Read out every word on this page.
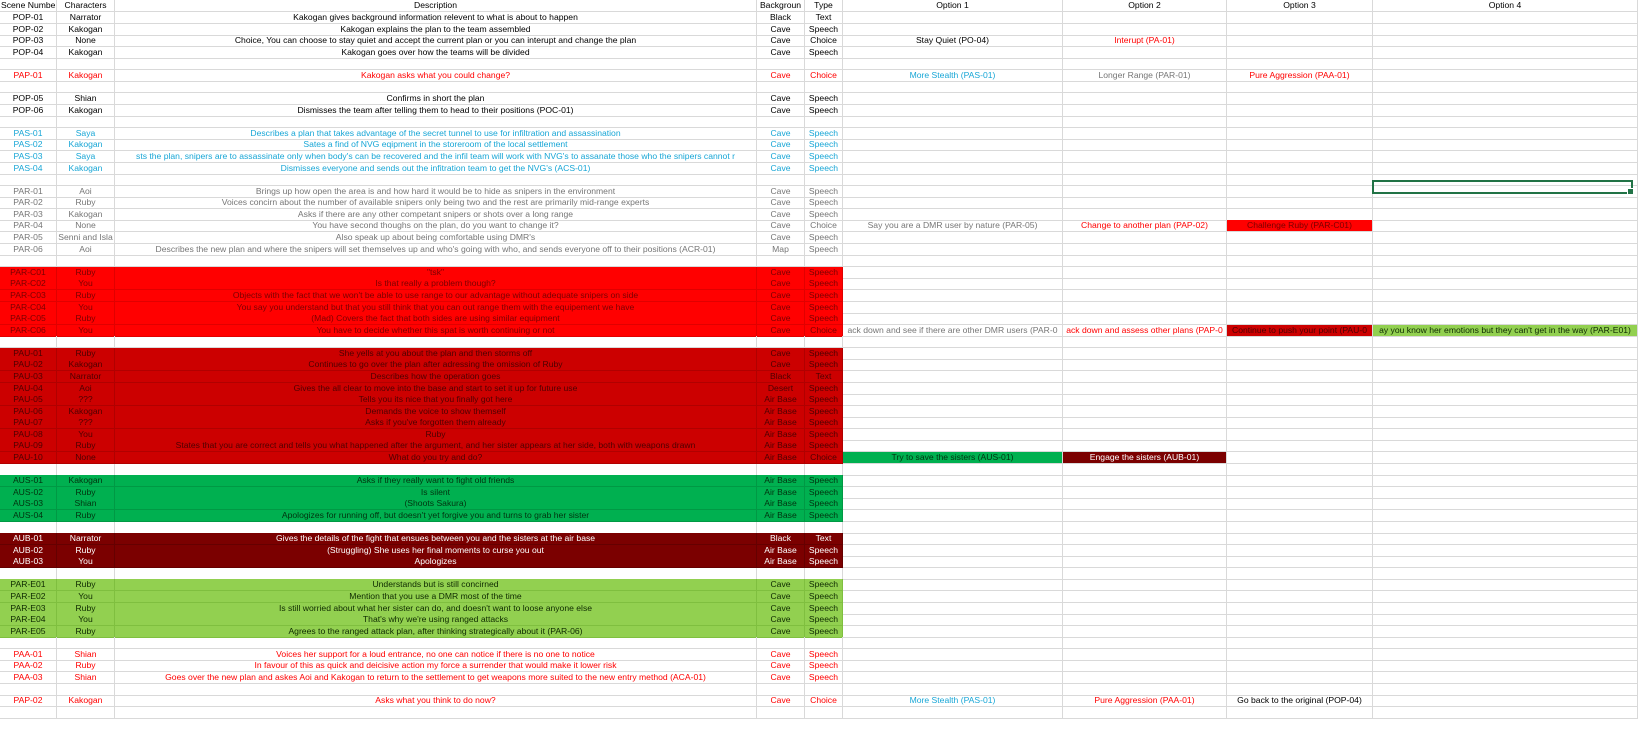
Scene Numbe	Characters	Description	Backgroun	Type	Option 1	Option 2	Option 3	Option 4
POP-01	Narrator	Kakogan gives background information relevent to what is about to happen	Black	Text
POP-02	Kakogan	Kakogan explains the plan to the team assembled	Cave	Speech
POP-03	None	Choice, You can choose to stay quiet and accept the current plan or you can interupt and change the plan	Cave	Choice	Stay Quiet (PO-04)	Interupt (PA-01)
POP-04	Kakogan	Kakogan goes over how the teams will be divided	Cave	Speech
PAP-01	Kakogan	Kakogan asks what you could change?	Cave	Choice	More Stealth (PAS-01)	Longer Range (PAR-01)	Pure Aggression (PAA-01)
POP-05	Shian	Confirms in short the plan	Cave	Speech
POP-06	Kakogan	Dismisses the team after telling them to head to their positions (POC-01)	Cave	Speech
PAS-01	Saya	Describes a plan that takes advantage of the secret tunnel to use for infiltration and assassination	Cave	Speech
PAS-02	Kakogan	Sates a find of NVG eqipment in the storeroom of the local settlement	Cave	Speech
PAS-03	Saya	sts the plan, snipers are to assassinate only when body's can be recovered and the infil team will work with NVG's to assanate those who the snipers cannot r	Cave	Speech
PAS-04	Kakogan	Dismisses everyone and sends out the infitration team to get the NVG's (ACS-01)	Cave	Speech
PAR-01	Aoi	Brings up how open the area is and how hard it would be to hide as snipers in the environment	Cave	Speech
PAR-02	Ruby	Voices concirn about the number of available snipers only being two and the rest are primarily mid-range experts	Cave	Speech
PAR-03	Kakogan	Asks if there are any other competant snipers or shots over a long range	Cave	Speech
PAR-04	None	You have second thoughs on the plan, do you want to change it?	Cave	Choice	Say you are a DMR user by nature (PAR-05)	Change to another plan (PAP-02)	Challenge Ruby (PAR-C01)
PAR-05	Senni and Isla	Also speak up about being comfortable using DMR's	Cave	Speech
PAR-06	Aoi	Describes the new plan and where the snipers will set themselves up and who's going with who, and sends everyone off to their positions (ACR-01)	Map	Speech
PAR-C01	Ruby	"tsk"	Cave	Speech
PAR-C02	You	Is that really a problem though?	Cave	Speech
PAR-C03	Ruby	Objects with the fact that we won't be able to use range to our advantage without adequate snipers on side	Cave	Speech
PAR-C04	You	You say you understand but that you still think that you can out range them with the equipement we have	Cave	Speech
PAR-C05	Ruby	(Mad) Covers the fact that both sides are using similar equipment	Cave	Speech
PAR-C06	You	You have to decide whether this spat is worth continuing or not	Cave	Choice	ack down and see if there are other DMR users (PAR-0	ack down and assess other plans (PAP-0	Continue to push your point (PAU-0	ay you know her emotions but they can't get in the way (PAR-E01)
PAU-01	Ruby	She yells at you about the plan and then storms off	Cave	Speech
PAU-02	Kakogan	Continues to go over the plan after adressing the omission of Ruby	Cave	Speech
PAU-03	Narrator	Describes how the operation goes	Black	Text
PAU-04	Aoi	Gives the all clear to move into the base and start to set it up for future use	Desert	Speech
PAU-05	???	Tells you its nice that you finally got here	Air Base	Speech
PAU-06	Kakogan	Demands the voice to show themself	Air Base	Speech
PAU-07	???	Asks if you've forgotten them already	Air Base	Speech
PAU-08	You	Ruby	Air Base	Speech
PAU-09	Ruby	States that you are correct and tells you what happened after the argument, and her sister appears at her side, both with weapons drawn	Air Base	Speech
PAU-10	None	What do you try and do?	Air Base	Choice	Try to save the sisters (AUS-01)	Engage the sisters (AUB-01)
AUS-01	Kakogan	Asks if they really want to fight old friends	Air Base	Speech
AUS-02	Ruby	Is silent	Air Base	Speech
AUS-03	Shian	(Shoots Sakura)	Air Base	Speech
AUS-04	Ruby	Apologizes for running off, but doesn't yet forgive you and turns to grab her sister	Air Base	Speech
AUB-01	Narrator	Gives the details of the fight that ensues between you and the sisters at the air base	Black	Text
AUB-02	Ruby	(Struggling) She uses her final moments to curse you out	Air Base	Speech
AUB-03	You	Apologizes	Air Base	Speech
PAR-E01	Ruby	Understands but is still concirned	Cave	Speech
PAR-E02	You	Mention that you use a DMR most of the time	Cave	Speech
PAR-E03	Ruby	Is still worried about what her sister can do, and doesn't want to loose anyone else	Cave	Speech
PAR-E04	You	That's why we're using ranged attacks	Cave	Speech
PAR-E05	Ruby	Agrees to the ranged attack plan, after thinking strategically about it (PAR-06)	Cave	Speech
PAA-01	Shian	Voices her support for a loud entrance, no one can notice if there is no one to notice	Cave	Speech
PAA-02	Ruby	In favour of this as quick and deicisive action my force a surrender that would make it lower risk	Cave	Speech
PAA-03	Shian	Goes over the new plan and askes Aoi and Kakogan to return to the settlement to get weapons more suited to the new entry method (ACA-01)	Cave	Speech
PAP-02	Kakogan	Asks what you think to do now?	Cave	Choice	More Stealth (PAS-01)	Pure Aggression (PAA-01)	Go back to the original (POP-04)
